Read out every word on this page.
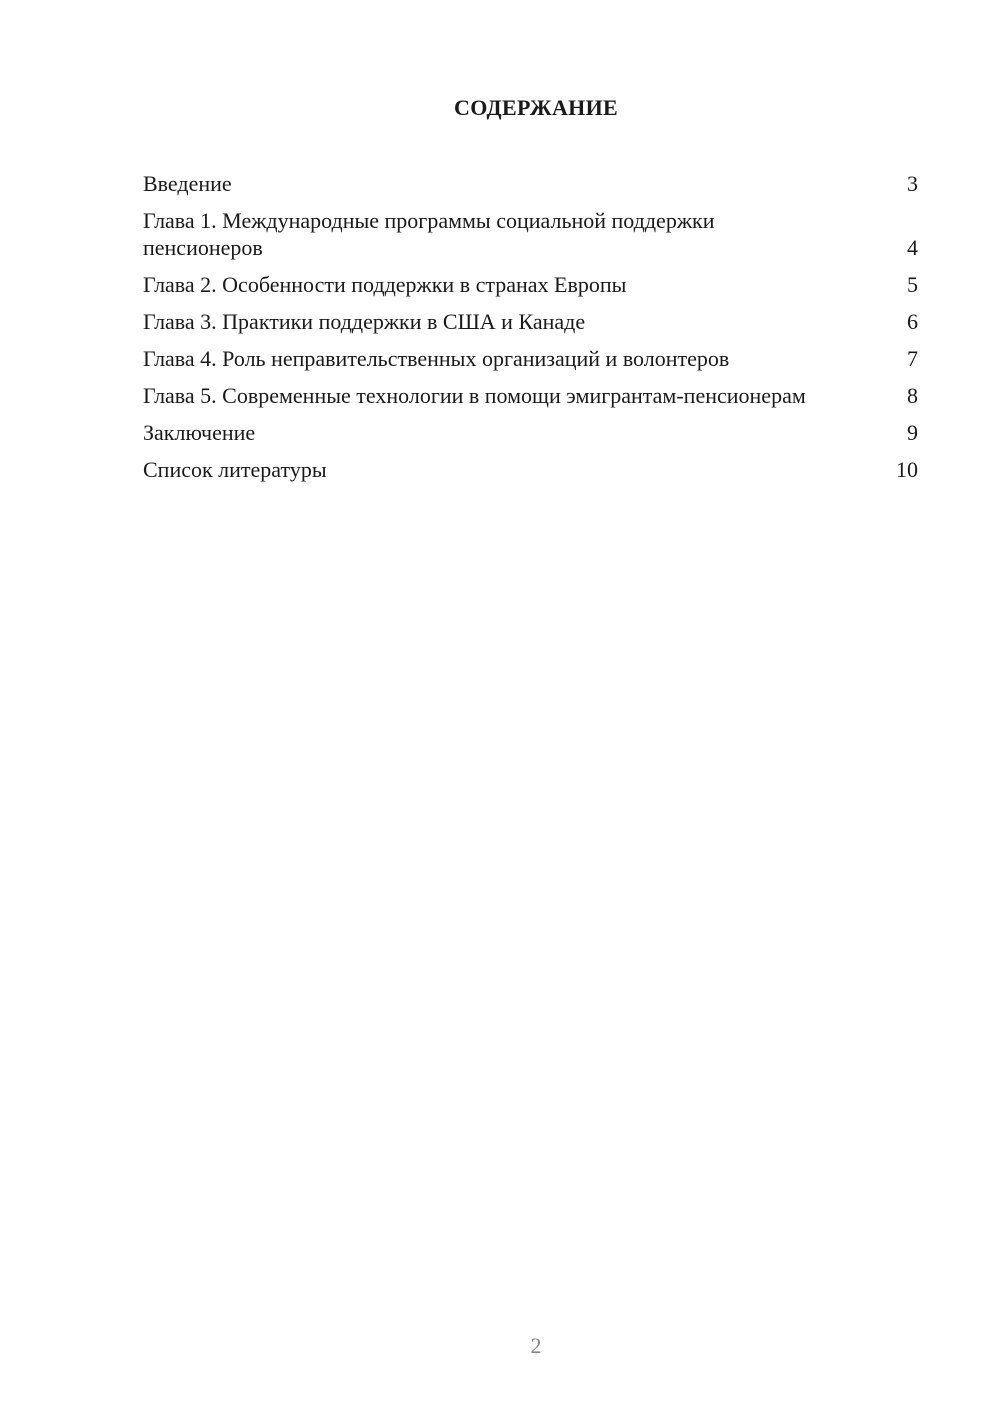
СОДЕРЖАНИЕ
Введение	3
Глава 1. Международные программы социальной поддержки пенсионеров	4
Глава 2. Особенности поддержки в странах Европы	5
Глава 3. Практики поддержки в США и Канаде	6
Глава 4. Роль неправительственных организаций и волонтеров	7
Глава 5. Современные технологии в помощи эмигрантам-пенсионерам	8
Заключение	9
Список литературы	10
2
